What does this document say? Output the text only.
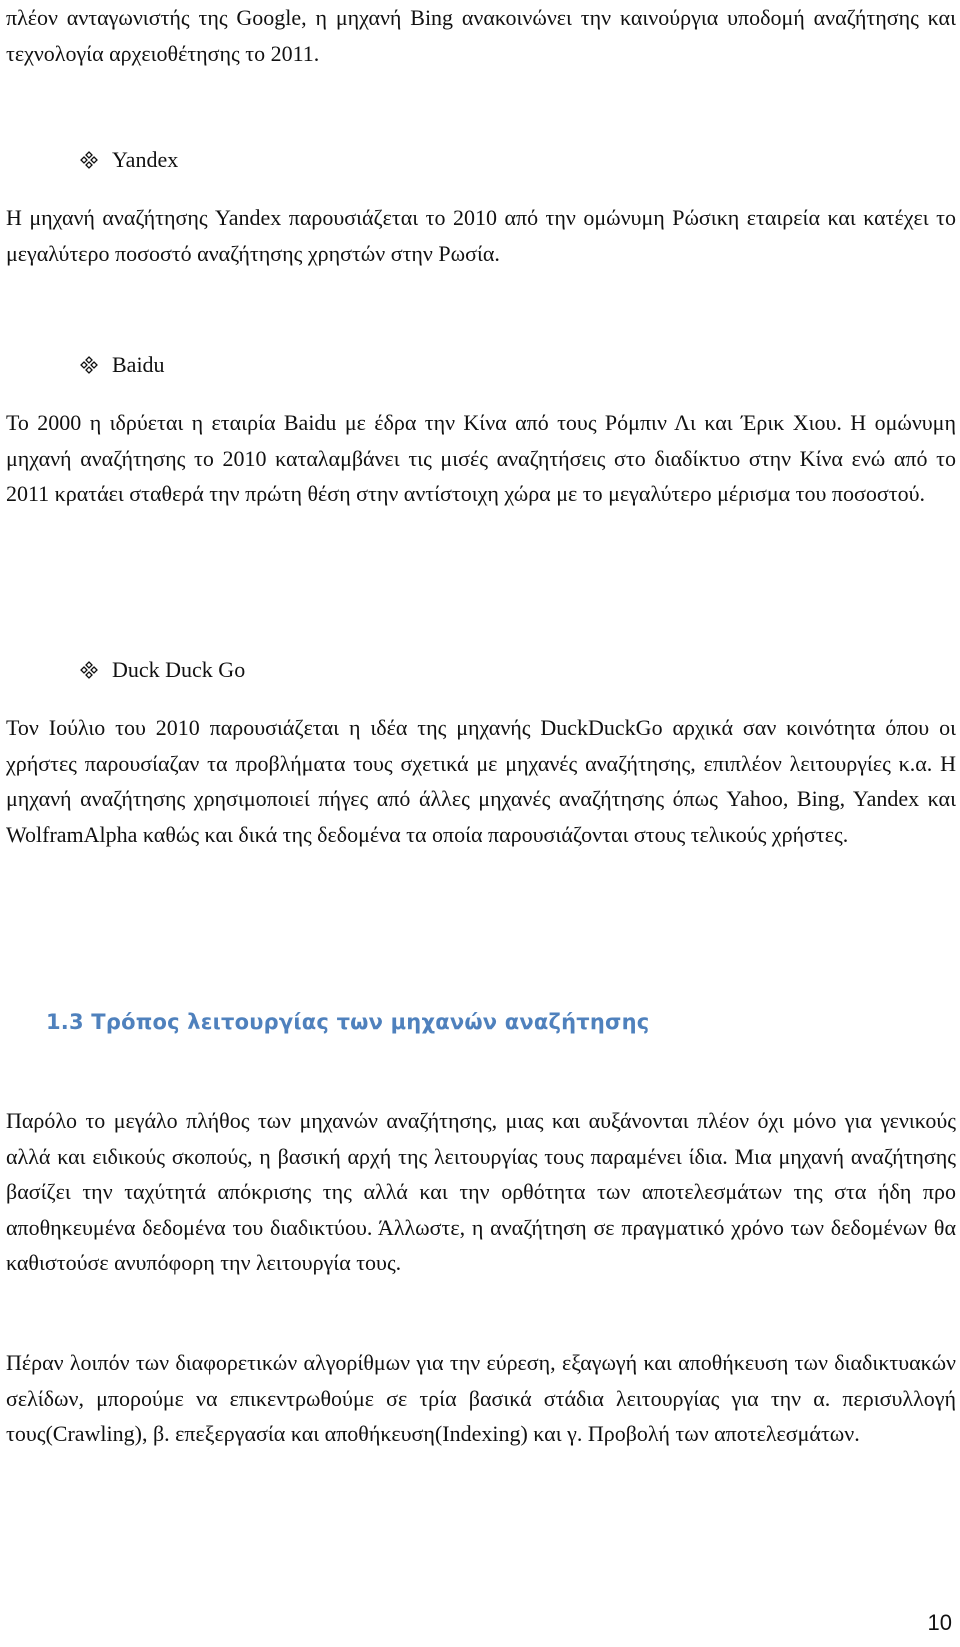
πλέον ανταγωνιστής της Google, η μηχανή Bing ανακοινώνει την καινούργια υποδομή αναζήτησης και τεχνολογία αρχειοθέτησης το 2011.

Yandex

Η μηχανή αναζήτησης Yandex παρουσιάζεται το 2010 από την ομώνυμη Ρώσικη εταιρεία και κατέχει το μεγαλύτερο ποσοστό αναζήτησης χρηστών στην Ρωσία.

Baidu

Το 2000 η ιδρύεται η εταιρία Baidu με έδρα την Κίνα από τους Ρόμπιν Λι και Έρικ Χιου. Η ομώνυμη μηχανή αναζήτησης το 2010 καταλαμβάνει τις μισές αναζητήσεις στο διαδίκτυο στην Κίνα ενώ από το 2011 κρατάει σταθερά την πρώτη θέση στην αντίστοιχη χώρα με το μεγαλύτερο μέρισμα του ποσοστού.

Duck Duck Go

Τον Ιούλιο του 2010 παρουσιάζεται η ιδέα της μηχανής DuckDuckGo αρχικά σαν κοινότητα όπου οι χρήστες παρουσίαζαν τα προβλήματα τους σχετικά με μηχανές αναζήτησης, επιπλέον λειτουργίες κ.α. Η μηχανή αναζήτησης χρησιμοποιεί πήγες από άλλες μηχανές αναζήτησης όπως Yahoo, Bing, Yandex και WolframAlpha καθώς και δικά της δεδομένα τα οποία παρουσιάζονται στους τελικούς χρήστες.

1.3 Τρόπος λειτουργίας των μηχανών αναζήτησης

Παρόλο το μεγάλο πλήθος των μηχανών αναζήτησης, μιας και αυξάνονται πλέον όχι μόνο για γενικούς αλλά και ειδικούς σκοπούς, η βασική αρχή της λειτουργίας τους παραμένει ίδια. Μια μηχανή αναζήτησης βασίζει την ταχύτητά απόκρισης της αλλά και την ορθότητα των αποτελεσμάτων της στα ήδη προ αποθηκευμένα δεδομένα του διαδικτύου. Άλλωστε, η αναζήτηση σε πραγματικό χρόνο των δεδομένων θα καθιστούσε ανυπόφορη την λειτουργία τους.

Πέραν λοιπόν των διαφορετικών αλγορίθμων για την εύρεση, εξαγωγή και αποθήκευση των διαδικτυακών σελίδων, μπορούμε να επικεντρωθούμε σε τρία βασικά στάδια λειτουργίας για την α. περισυλλογή τους(Crawling), β. επεξεργασία και αποθήκευση(Indexing) και γ. Προβολή των αποτελεσμάτων.

10
